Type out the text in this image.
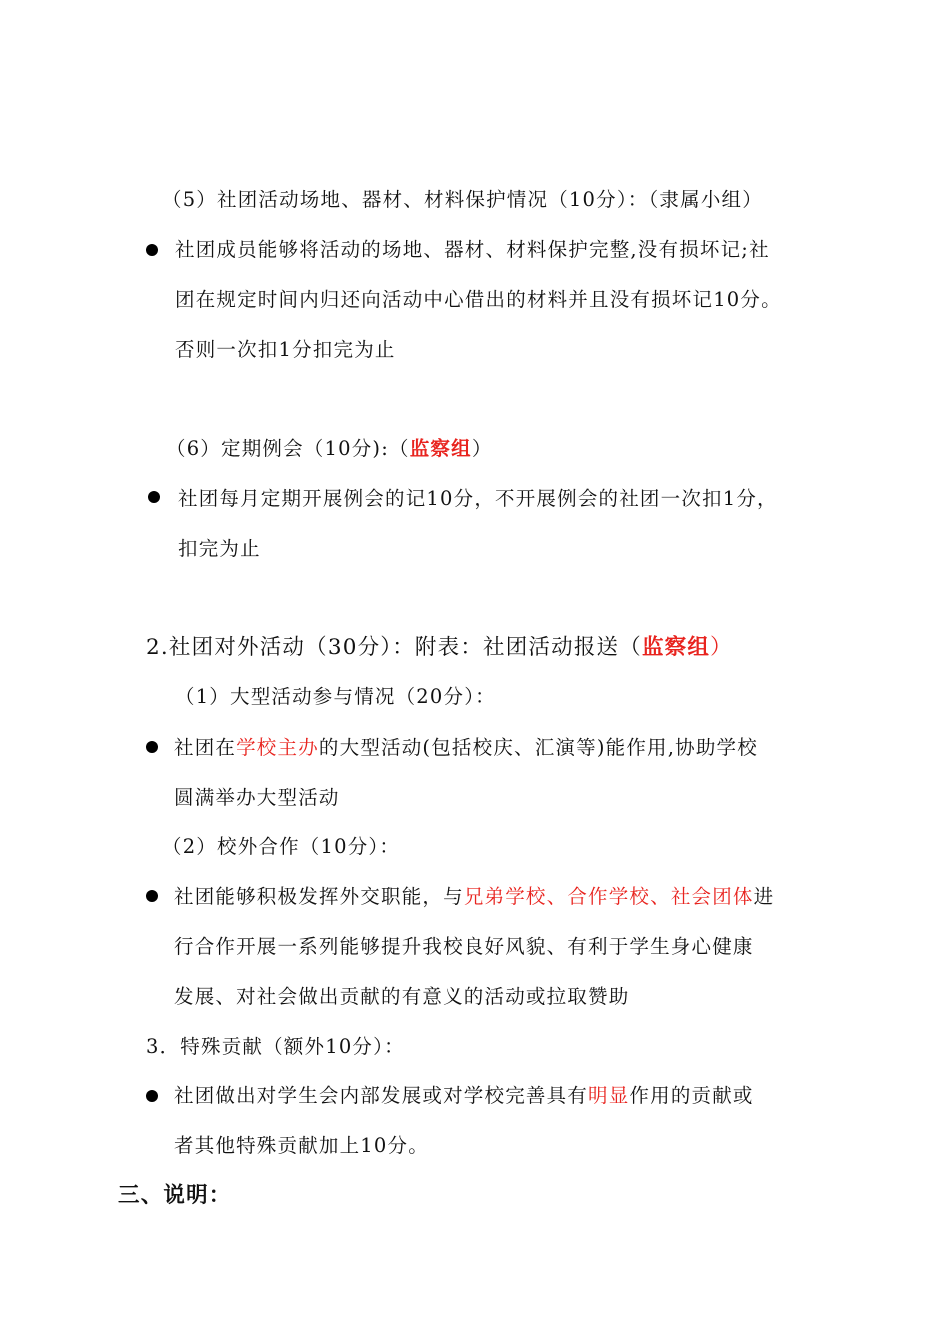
（5）社团活动场地、器材、材料保护情况（10分）：（隶属小组）
社团成员能够将活动的场地、器材、材料保护完整,没有损坏记;社
团在规定时间内归还向活动中心借出的材料并且没有损坏记10分。
否则一次扣1分扣完为止
（6）定期例会（10分):（监察组）
社团每月定期开展例会的记10分，不开展例会的社团一次扣1分，
扣完为止
2.社团对外活动（30分）：附表：社团活动报送（监察组）
（1）大型活动参与情况（20分）：
社团在学校主办的大型活动(包括校庆、汇演等)能作用,协助学校
圆满举办大型活动
（2）校外合作（10分）：
社团能够积极发挥外交职能，与兄弟学校、合作学校、社会团体进
行合作开展一系列能够提升我校良好风貌、有利于学生身心健康
发展、对社会做出贡献的有意义的活动或拉取赞助
3．特殊贡献（额外10分）：
社团做出对学生会内部发展或对学校完善具有明显作用的贡献或
者其他特殊贡献加上10分。
三、说明：
